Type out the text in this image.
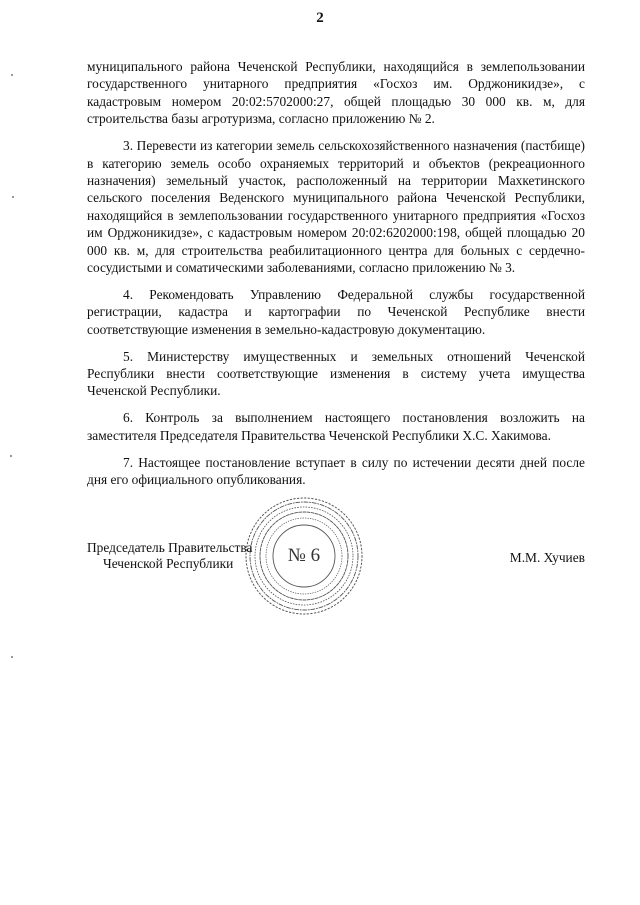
2

муниципального района Чеченской Республики, находящийся в землепользовании государственного унитарного предприятия «Госхоз им. Орджоникидзе», с кадастровым номером 20:02:5702000:27, общей площадью 30 000 кв. м, для строительства базы агротуризма, согласно приложению № 2.

3. Перевести из категории земель сельскохозяйственного назначения (пастбище) в категорию земель особо охраняемых территорий и объектов (рекреационного назначения) земельный участок, расположенный на территории Махкетинского сельского поселения Веденского муниципального района Чеченской Республики, находящийся в землепользовании государственного унитарного предприятия «Госхоз им Орджоникидзе», с кадастровым номером 20:02:6202000:198, общей площадью 20 000 кв. м, для строительства реабилитационного центра для больных с сердечно-сосудистыми и соматическими заболеваниями, согласно приложению № 3.

4. Рекомендовать Управлению Федеральной службы государственной регистрации, кадастра и картографии по Чеченской Республике внести соответствующие изменения в земельно-кадастровую документацию.

5. Министерству имущественных и земельных отношений Чеченской Республики внести соответствующие изменения в систему учета имущества Чеченской Республики.

6. Контроль за выполнением настоящего постановления возложить на заместителя Председателя Правительства Чеченской Республики Х.С. Хакимова.

7. Настоящее постановление вступает в силу по истечении десяти дней после дня его официального опубликования.

№ 6
Председатель Правительства
Чеченской Республики	М.М. Хучиев
